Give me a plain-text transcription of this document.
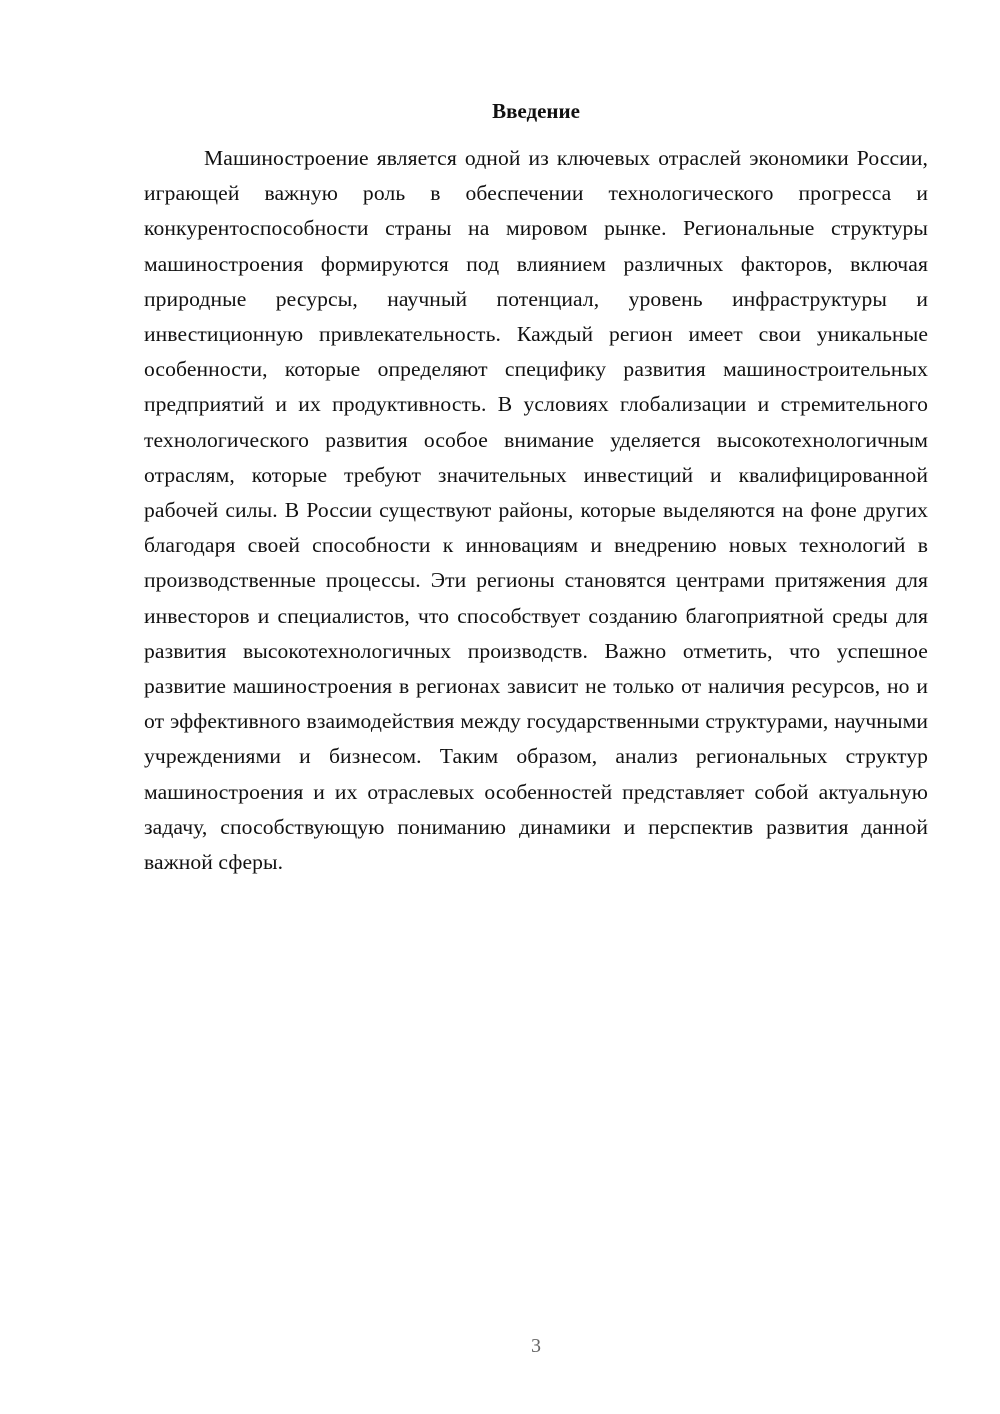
Введение

Машиностроение является одной из ключевых отраслей экономики России, играющей важную роль в обеспечении технологического прогресса и конкурентоспособности страны на мировом рынке. Региональные структуры машиностроения формируются под влиянием различных факторов, включая природные ресурсы, научный потенциал, уровень инфраструктуры и инвестиционную привлекательность. Каждый регион имеет свои уникальные особенности, которые определяют специфику развития машиностроительных предприятий и их продуктивность. В условиях глобализации и стремительного технологического развития особое внимание уделяется высокотехнологичным отраслям, которые требуют значительных инвестиций и квалифицированной рабочей силы. В России существуют районы, которые выделяются на фоне других благодаря своей способности к инновациям и внедрению новых технологий в производственные процессы. Эти регионы становятся центрами притяжения для инвесторов и специалистов, что способствует созданию благоприятной среды для развития высокотехнологичных производств. Важно отметить, что успешное развитие машиностроения в регионах зависит не только от наличия ресурсов, но и от эффективного взаимодействия между государственными структурами, научными учреждениями и бизнесом. Таким образом, анализ региональных структур машиностроения и их отраслевых особенностей представляет собой актуальную задачу, способствующую пониманию динамики и перспектив развития данной важной сферы.

3
